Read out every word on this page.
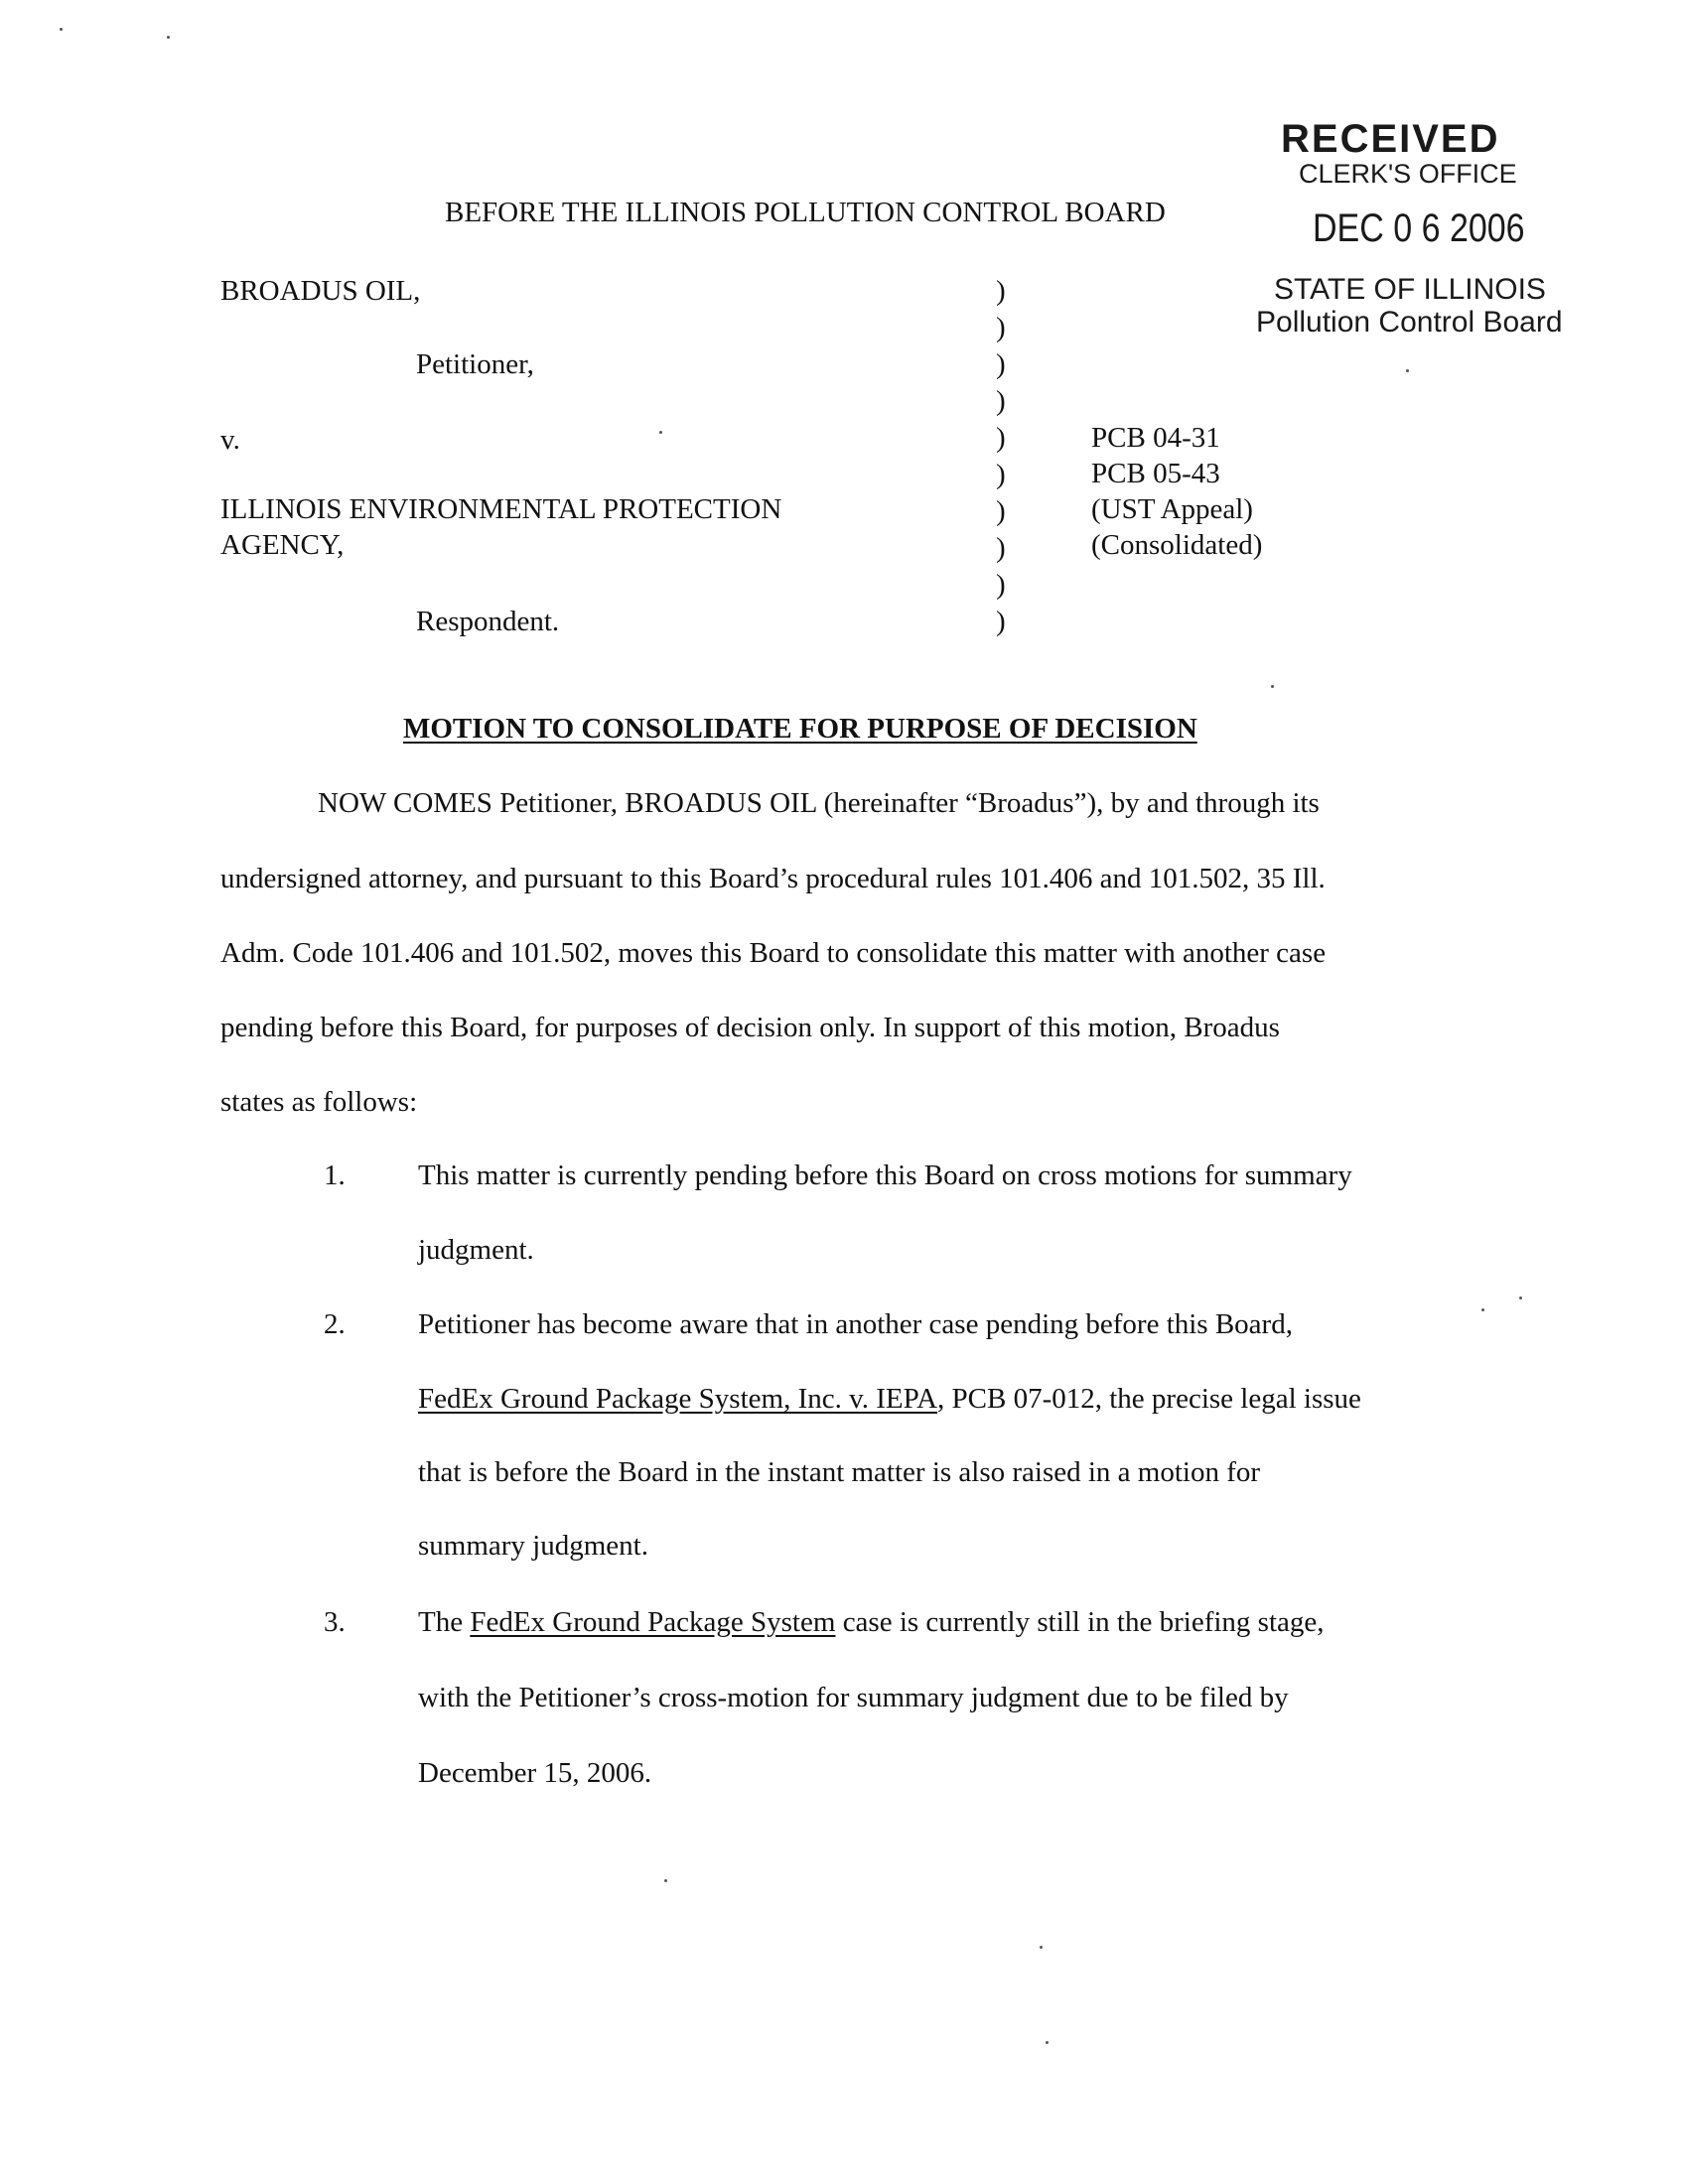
RECEIVED
CLERK'S OFFICE
DEC 0 6 2006
STATE OF ILLINOIS
Pollution Control Board
BEFORE THE ILLINOIS POLLUTION CONTROL BOARD
BROADUS OIL,
Petitioner,
v.
ILLINOIS ENVIRONMENTAL PROTECTION
AGENCY,
Respondent.
)
)
)
)
)
)
)
)
)
)
PCB 04-31
PCB 05-43
(UST Appeal)
(Consolidated)
MOTION TO CONSOLIDATE FOR PURPOSE OF DECISION
NOW COMES Petitioner, BROADUS OIL (hereinafter “Broadus”), by and through its
undersigned attorney, and pursuant to this Board’s procedural rules 101.406 and 101.502, 35 Ill.
Adm. Code 101.406 and 101.502, moves this Board to consolidate this matter with another case
pending before this Board, for purposes of decision only. In support of this motion, Broadus
states as follows:
1.	This matter is currently pending before this Board on cross motions for summary
judgment.
2.	Petitioner has become aware that in another case pending before this Board,
FedEx Ground Package System, Inc. v. IEPA, PCB 07-012, the precise legal issue
that is before the Board in the instant matter is also raised in a motion for
summary judgment.
3.	The FedEx Ground Package System case is currently still in the briefing stage,
with the Petitioner’s cross-motion for summary judgment due to be filed by
December 15, 2006.
